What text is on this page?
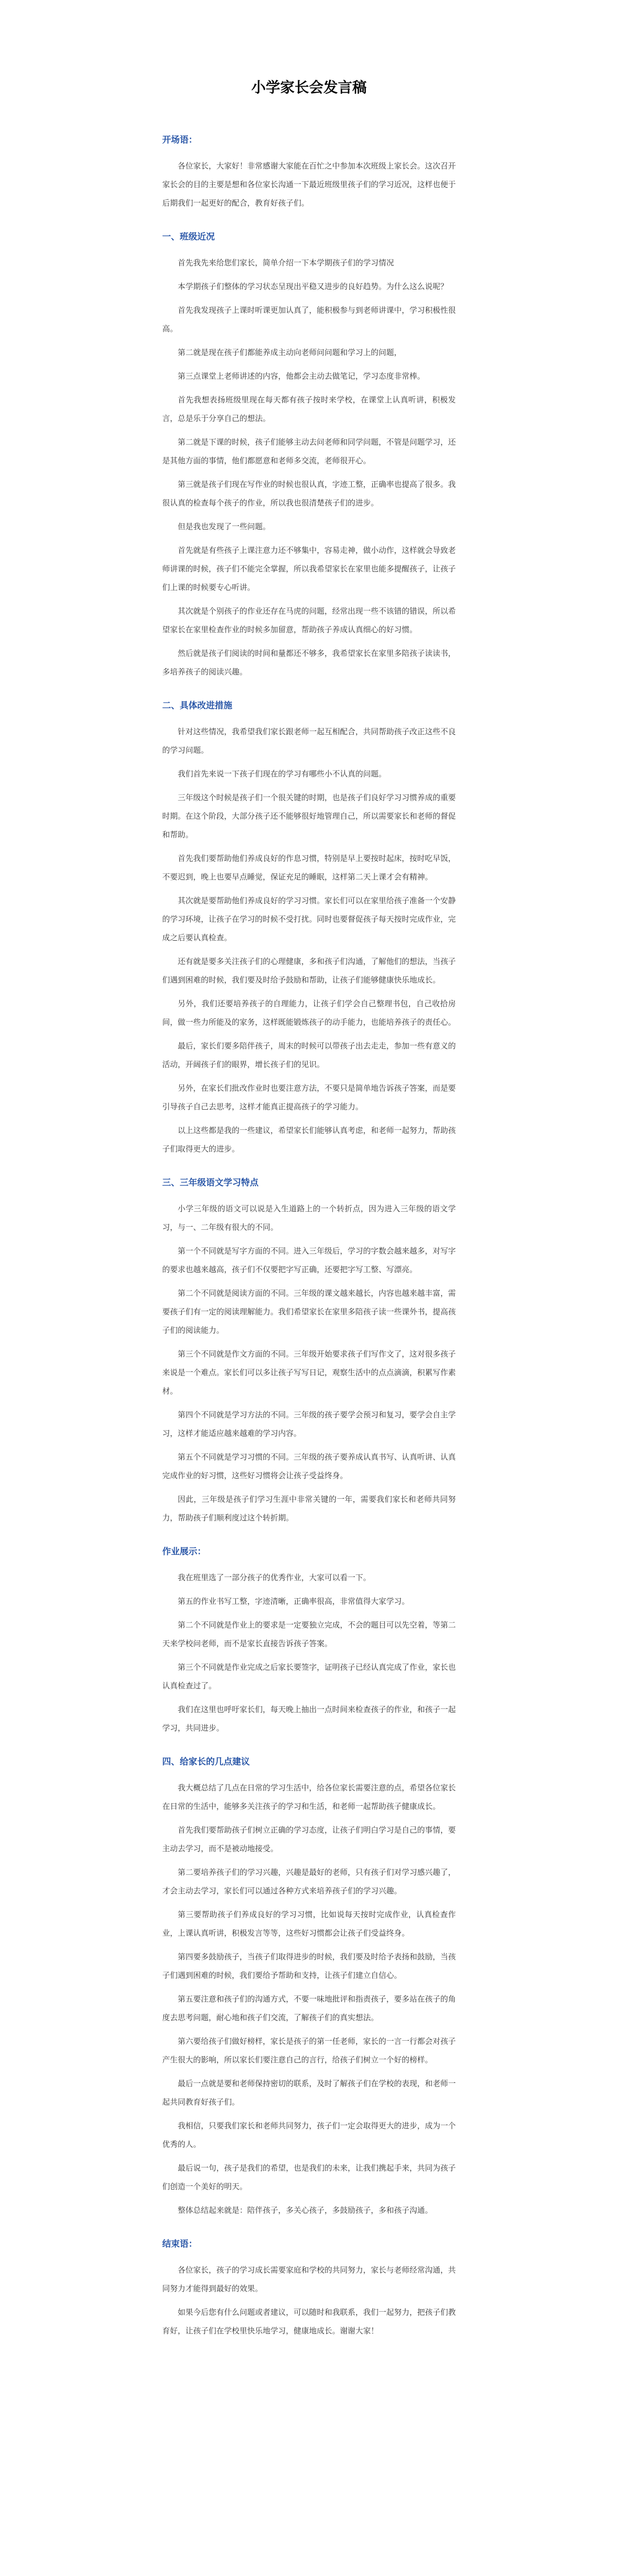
小学家长会发言稿
开场语：

各位家长，大家好！非常感谢大家能在百忙之中参加本次班级上家长会。这次召开家长会的目的主要是想和各位家长沟通一下最近班级里孩子们的学习近况，这样也便于后期我们一起更好的配合，教育好孩子们。

一、班级近况

首先我先来给您们家长，简单介绍一下本学期孩子们的学习情况

本学期孩子们整体的学习状态呈现出平稳又进步的良好趋势。为什么这么说呢？

首先我发现孩子上课时听课更加认真了，能积极参与到老师讲课中，学习积极性很高。

第二就是现在孩子们都能养成主动向老师问问题和学习上的问题，

第三点课堂上老师讲述的内容，他都会主动去做笔记，学习态度非常棒。

首先我想表扬班级里现在每天都有孩子按时来学校，在课堂上认真听讲，积极发言，总是乐于分享自己的想法。

第二就是下课的时候，孩子们能够主动去问老师和同学问题，不管是问题学习，还是其他方面的事情，他们都愿意和老师多交流，老师很开心。

第三就是孩子们现在写作业的时候也很认真，字迹工整，正确率也提高了很多。我很认真的检查每个孩子的作业，所以我也很清楚孩子们的进步。

但是我也发现了一些问题。

首先就是有些孩子上课注意力还不够集中，容易走神，做小动作，这样就会导致老师讲课的时候，孩子们不能完全掌握，所以我希望家长在家里也能多提醒孩子，让孩子们上课的时候要专心听讲。

其次就是个别孩子的作业还存在马虎的问题，经常出现一些不该错的错误，所以希望家长在家里检查作业的时候多加留意，帮助孩子养成认真细心的好习惯。

然后就是孩子们阅读的时间和量都还不够多，我希望家长在家里多陪孩子读读书，多培养孩子的阅读兴趣。

二、具体改进措施

针对这些情况，我希望我们家长跟老师一起互相配合，共同帮助孩子改正这些不良的学习问题。

我们首先来说一下孩子们现在的学习有哪些小不认真的问题。

三年级这个时候是孩子们一个很关键的时期，也是孩子们良好学习习惯养成的重要时期。在这个阶段，大部分孩子还不能够很好地管理自己，所以需要家长和老师的督促和帮助。

首先我们要帮助他们养成良好的作息习惯，特别是早上要按时起床，按时吃早饭，不要迟到，晚上也要早点睡觉，保证充足的睡眠，这样第二天上课才会有精神。

其次就是要帮助他们养成良好的学习习惯。家长们可以在家里给孩子准备一个安静的学习环境，让孩子在学习的时候不受打扰。同时也要督促孩子每天按时完成作业，完成之后要认真检查。

还有就是要多关注孩子们的心理健康，多和孩子们沟通，了解他们的想法，当孩子们遇到困难的时候，我们要及时给予鼓励和帮助，让孩子们能够健康快乐地成长。

另外，我们还要培养孩子的自理能力，让孩子们学会自己整理书包，自己收拾房间，做一些力所能及的家务，这样既能锻炼孩子的动手能力，也能培养孩子的责任心。

最后，家长们要多陪伴孩子，周末的时候可以带孩子出去走走，参加一些有意义的活动，开阔孩子们的眼界，增长孩子们的见识。

另外，在家长们批改作业时也要注意方法，不要只是简单地告诉孩子答案，而是要引导孩子自己去思考，这样才能真正提高孩子的学习能力。

以上这些都是我的一些建议，希望家长们能够认真考虑，和老师一起努力，帮助孩子们取得更大的进步。

三、三年级语文学习特点

小学三年级的语文可以说是入生道路上的一个转折点，因为进入三年级的语文学习，与一、二年级有很大的不同。

第一个不同就是写字方面的不同。进入三年级后，学习的字数会越来越多，对写字的要求也越来越高，孩子们不仅要把字写正确，还要把字写工整、写漂亮。

第二个不同就是阅读方面的不同。三年级的课文越来越长，内容也越来越丰富，需要孩子们有一定的阅读理解能力。我们希望家长在家里多陪孩子读一些课外书，提高孩子们的阅读能力。

第三个不同就是作文方面的不同。三年级开始要求孩子们写作文了，这对很多孩子来说是一个难点。家长们可以多让孩子写写日记，观察生活中的点点滴滴，积累写作素材。

第四个不同就是学习方法的不同。三年级的孩子要学会预习和复习，要学会自主学习，这样才能适应越来越难的学习内容。

第五个不同就是学习习惯的不同。三年级的孩子要养成认真书写、认真听讲、认真完成作业的好习惯，这些好习惯将会让孩子受益终身。

因此，三年级是孩子们学习生涯中非常关键的一年，需要我们家长和老师共同努力，帮助孩子们顺利度过这个转折期。

作业展示：

我在班里选了一部分孩子的优秀作业，大家可以看一下。

第五的作业书写工整，字迹清晰，正确率很高，非常值得大家学习。

第二个不同就是作业上的要求是一定要独立完成，不会的题目可以先空着，等第二天来学校问老师，而不是家长直接告诉孩子答案。

第三个不同就是作业完成之后家长要签字，证明孩子已经认真完成了作业，家长也认真检查过了。

我们在这里也呼吁家长们，每天晚上抽出一点时间来检查孩子的作业，和孩子一起学习，共同进步。

四、给家长的几点建议

我大概总结了几点在日常的学习生活中，给各位家长需要注意的点，希望各位家长在日常的生活中，能够多关注孩子的学习和生活，和老师一起帮助孩子健康成长。

首先我们要帮助孩子们树立正确的学习态度，让孩子们明白学习是自己的事情，要主动去学习，而不是被动地接受。

第二要培养孩子们的学习兴趣，兴趣是最好的老师，只有孩子们对学习感兴趣了，才会主动去学习，家长们可以通过各种方式来培养孩子们的学习兴趣。

第三要帮助孩子们养成良好的学习习惯，比如说每天按时完成作业，认真检查作业，上课认真听讲，积极发言等等，这些好习惯都会让孩子们受益终身。

第四要多鼓励孩子，当孩子们取得进步的时候，我们要及时给予表扬和鼓励，当孩子们遇到困难的时候，我们要给予帮助和支持，让孩子们建立自信心。

第五要注意和孩子们的沟通方式，不要一味地批评和指责孩子，要多站在孩子的角度去思考问题，耐心地和孩子们交流，了解孩子们的真实想法。

第六要给孩子们做好榜样，家长是孩子的第一任老师，家长的一言一行都会对孩子产生很大的影响，所以家长们要注意自己的言行，给孩子们树立一个好的榜样。

最后一点就是要和老师保持密切的联系，及时了解孩子们在学校的表现，和老师一起共同教育好孩子们。

我相信，只要我们家长和老师共同努力，孩子们一定会取得更大的进步，成为一个优秀的人。

最后说一句，孩子是我们的希望，也是我们的未来，让我们携起手来，共同为孩子们创造一个美好的明天。

整体总结起来就是：陪伴孩子，多关心孩子，多鼓励孩子，多和孩子沟通。

结束语：

各位家长，孩子的学习成长需要家庭和学校的共同努力，家长与老师经常沟通，共同努力才能得到最好的效果。

如果今后您有什么问题或者建议，可以随时和我联系，我们一起努力，把孩子们教育好，让孩子们在学校里快乐地学习，健康地成长。谢谢大家！
